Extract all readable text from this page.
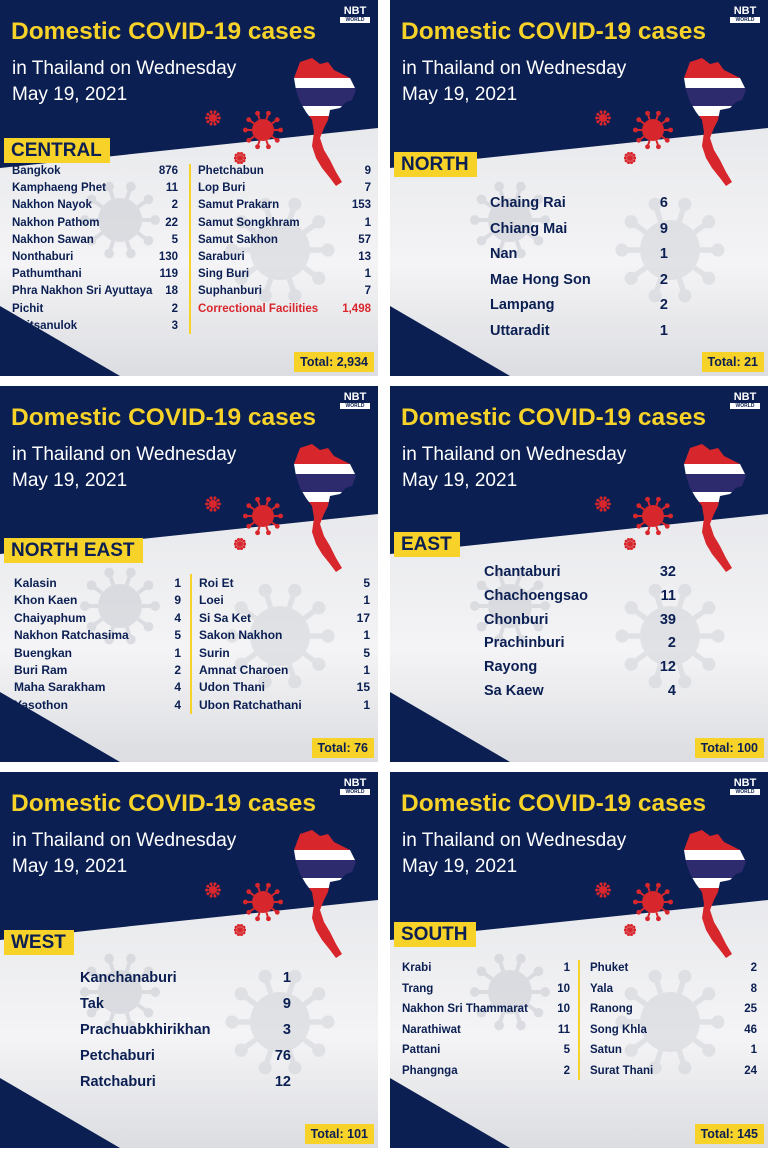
Domestic COVID-19 cases
in Thailand on Wednesday
May 19, 2021
NBT
WORLD
CENTRAL
Bangkok	876
Kamphaeng Phet	11
Nakhon Nayok	2
Nakhon Pathom	22
Nakhon Sawan	5
Nonthaburi	130
Pathumthani	119
Phra Nakhon Sri Ayuttaya 18
Pichit	2
Phitsanulok	3
Phetchabun	9
Lop Buri	7
Samut Prakarn	153
Samut Songkhram	1
Samut Sakhon	57
Saraburi	13
Sing Buri	1
Suphanburi	7
Correctional Facilities 1,498
Total: 2,934
Domestic COVID-19 cases
in Thailand on Wednesday
May 19, 2021
NBT
WORLD
NORTH
Chaing Rai	6
Chiang Mai	9
Nan	1
Mae Hong Son	2
Lampang	2
Uttaradit	1
Total: 21
Domestic COVID-19 cases
in Thailand on Wednesday
May 19, 2021
NBT
WORLD
NORTH EAST
Kalasin	1
Khon Kaen	9
Chaiyaphum	4
Nakhon Ratchasima	5
Buengkan	1
Buri Ram	2
Maha Sarakham	4
Yasothon	4
Roi Et	5
Loei	1
Si Sa Ket	17
Sakon Nakhon	1
Surin	5
Amnat Charoen	1
Udon Thani	15
Ubon Ratchathani	1
Total: 76
Domestic COVID-19 cases
in Thailand on Wednesday
May 19, 2021
NBT
WORLD
EAST
Chantaburi	32
Chachoengsao	11
Chonburi	39
Prachinburi	2
Rayong	12
Sa Kaew	4
Total: 100
Domestic COVID-19 cases
in Thailand on Wednesday
May 19, 2021
NBT
WORLD
WEST
Kanchanaburi	1
Tak	9
Prachuabkhirikhan	3
Petchaburi	76
Ratchaburi	12
Total: 101
Domestic COVID-19 cases
in Thailand on Wednesday
May 19, 2021
NBT
WORLD
SOUTH
Krabi	1
Trang	10
Nakhon Sri Thammarat	10
Narathiwat	11
Pattani	5
Phangnga	2
Phuket	2
Yala	8
Ranong	25
Song Khla	46
Satun	1
Surat Thani	24
Total: 145
